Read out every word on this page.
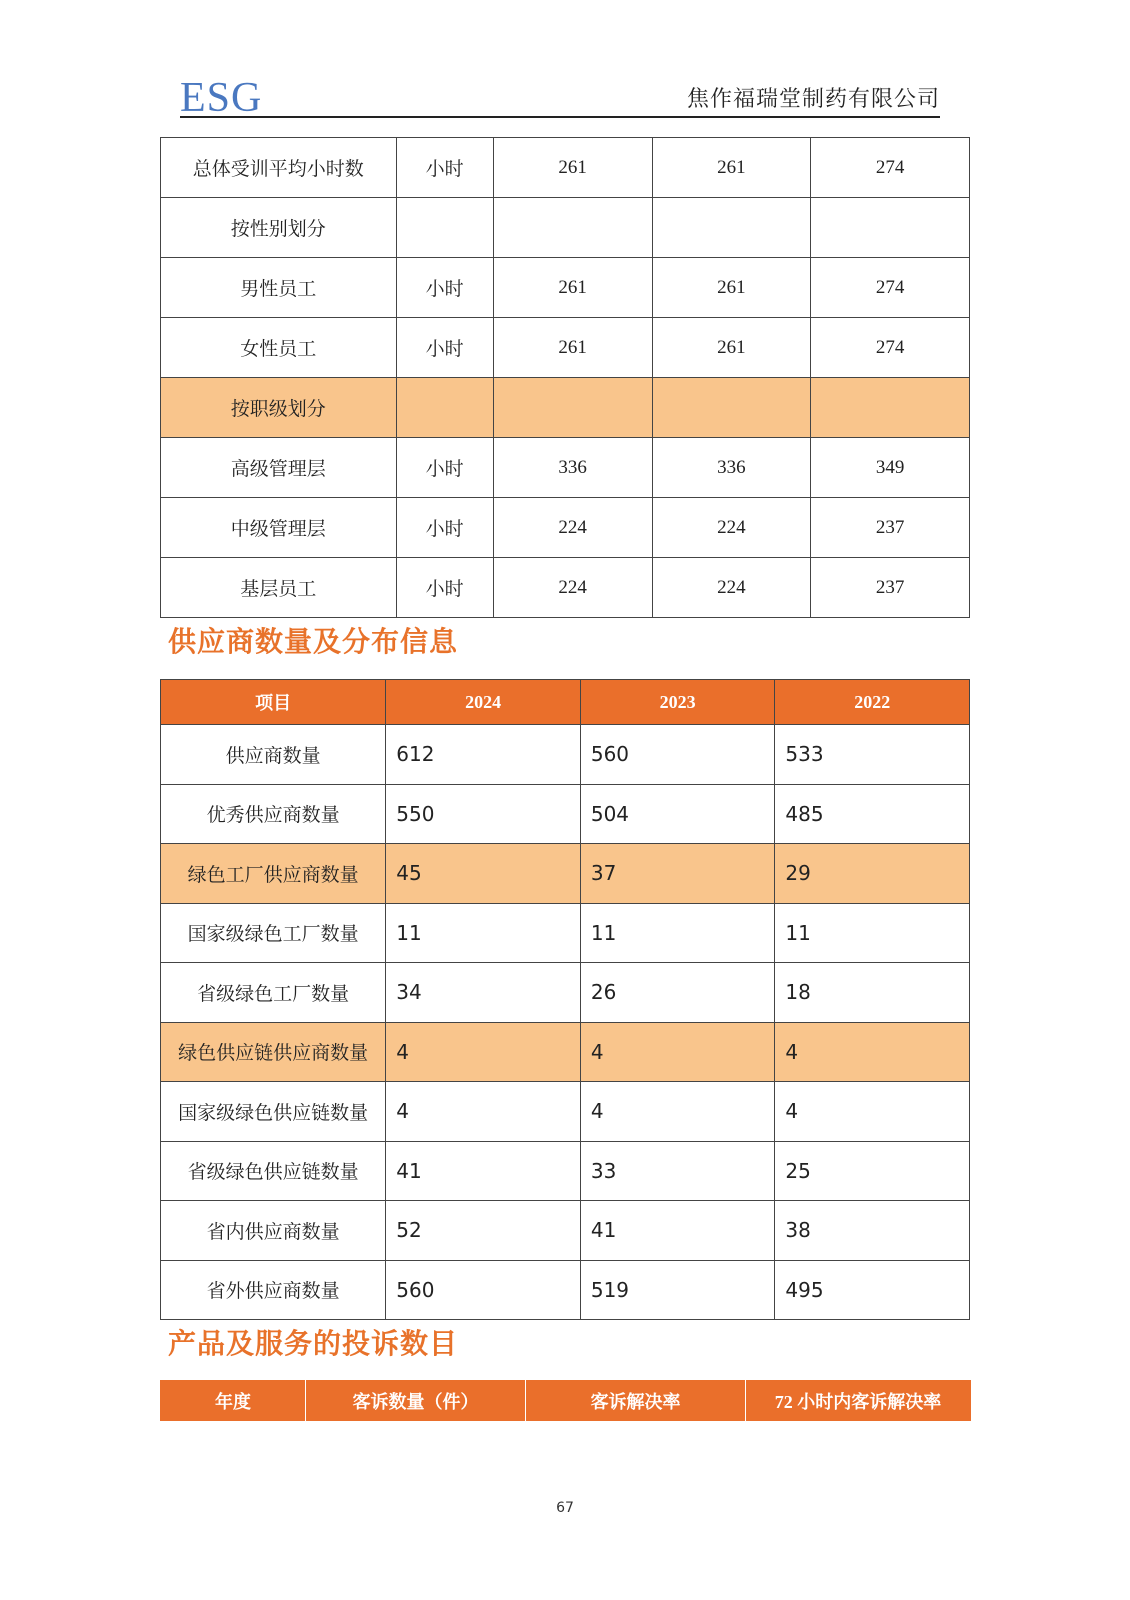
ESG	焦作福瑞堂制药有限公司
总体受训平均小时数	小时	261	261	274
按性别划分				
男性员工	小时	261	261	274
女性员工	小时	261	261	274
按职级划分				
高级管理层	小时	336	336	349
中级管理层	小时	224	224	237
基层员工	小时	224	224	237
供应商数量及分布信息
项目	2024	2023	2022
供应商数量	612	560	533
优秀供应商数量	550	504	485
绿色工厂供应商数量	45	37	29
国家级绿色工厂数量	11	11	11
省级绿色工厂数量	34	26	18
绿色供应链供应商数量	4	4	4
国家级绿色供应链数量	4	4	4
省级绿色供应链数量	41	33	25
省内供应商数量	52	41	38
省外供应商数量	560	519	495
产品及服务的投诉数目
年度	客诉数量（件）	客诉解决率	72 小时内客诉解决率
67
